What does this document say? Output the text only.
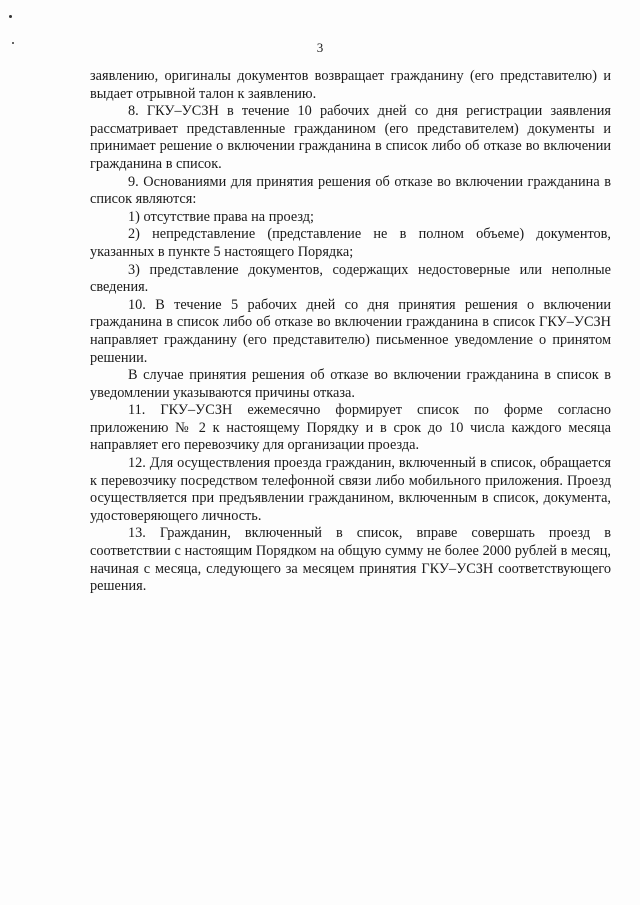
3

заявлению, оригиналы документов возвращает гражданину (его представителю) и выдает отрывной талон к заявлению.

8. ГКУ–УСЗН в течение 10 рабочих дней со дня регистрации заявления рассматривает представленные гражданином (его представителем) документы и принимает решение о включении гражданина в список либо об отказе во включении гражданина в список.

9. Основаниями для принятия решения об отказе во включении гражданина в список являются:

1) отсутствие права на проезд;

2) непредставление (представление не в полном объеме) документов, указанных в пункте 5 настоящего Порядка;

3) представление документов, содержащих недостоверные или неполные сведения.

10. В течение 5 рабочих дней со дня принятия решения о включении гражданина в список либо об отказе во включении гражданина в список ГКУ–УСЗН направляет гражданину (его представителю) письменное уведомление о принятом решении.

В случае принятия решения об отказе во включении гражданина в список в уведомлении указываются причины отказа.

11. ГКУ–УСЗН ежемесячно формирует список по форме согласно приложению № 2 к настоящему Порядку и в срок до 10 числа каждого месяца направляет его перевозчику для организации проезда.

12. Для осуществления проезда гражданин, включенный в список, обращается к перевозчику посредством телефонной связи либо мобильного приложения. Проезд осуществляется при предъявлении гражданином, включенным в список, документа, удостоверяющего личность.

13. Гражданин, включенный в список, вправе совершать проезд в соответствии с настоящим Порядком на общую сумму не более 2000 рублей в месяц, начиная с месяца, следующего за месяцем принятия ГКУ–УСЗН соответствующего решения.
